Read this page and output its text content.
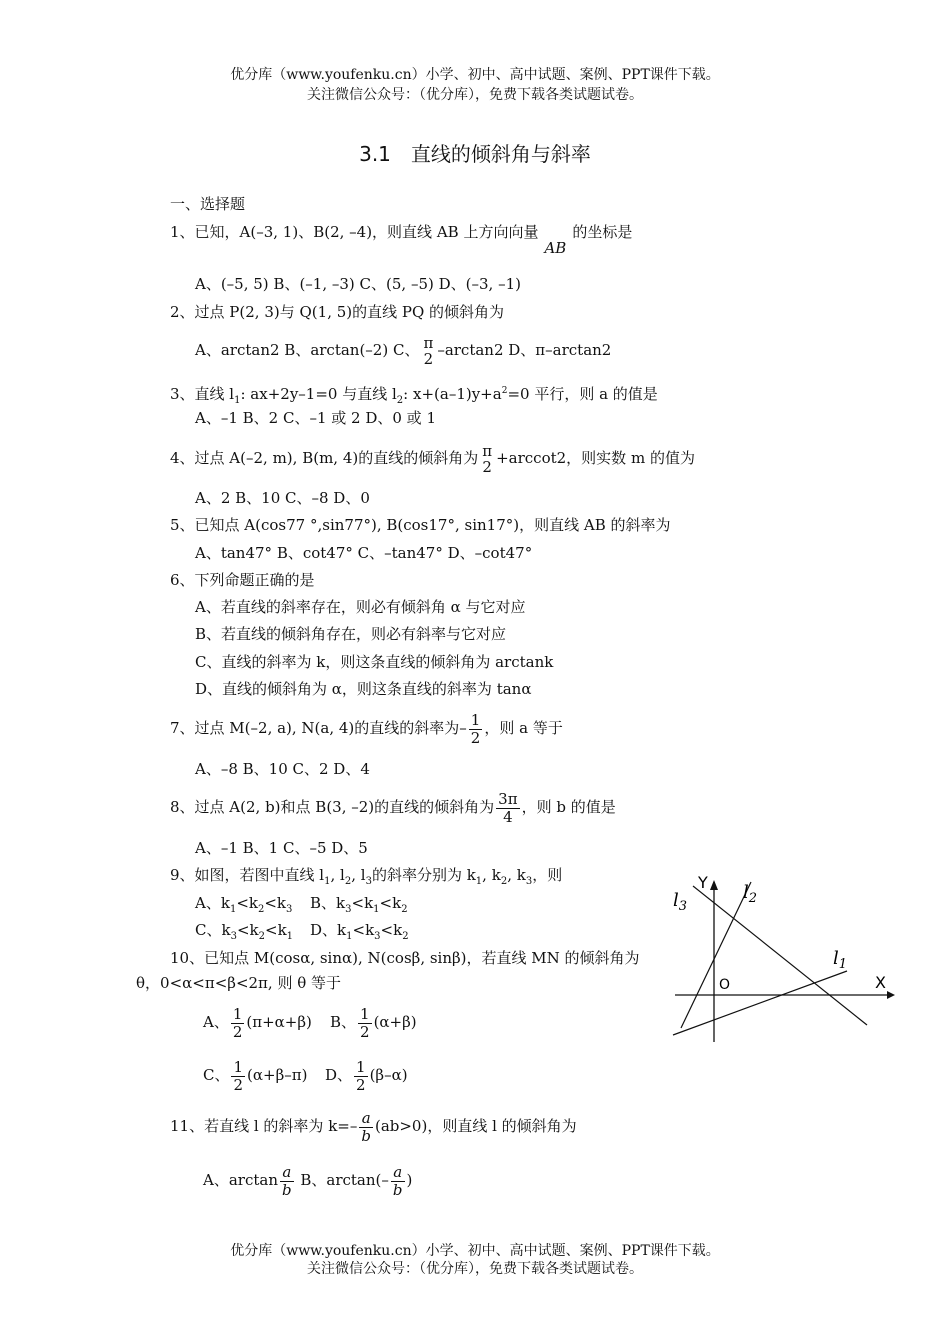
优分库（www.youfenku.cn）小学、初中、高中试题、案例、PPT课件下载。
关注微信公众号：（优分库），免费下载各类试题试卷。
3.1　直线的倾斜角与斜率
一、选择题
1、已知，A(–3, 1)、B(2, –4)，则直线 AB 上方向向量AB的坐标是
A、(–5, 5) B、(–1, –3) C、(5, –5) D、(–3, –1)
2、过点 P(2, 3)与 Q(1, 5)的直线 PQ 的倾斜角为
A、arctan2 B、arctan(–2) C、 π
2 –arctan2 D、π–arctan2
3、直线 $l_1$: ax+2y–1=0 与直线 $l_2$: $x+(a-1)y+a^2=0$ 平行，则 a 的值是
A、–1 B、2 C、–1 或 2 D、0 或 1
4、过点 A(–2, m), B(m, 4)的直线的倾斜角为 π
2 +arccot2，则实数 m 的值为
A、2 B、10 C、–8 D、0
5、已知点 A(cos77 °,sin77°), B(cos17°, sin17°)，则直线 AB 的斜率为
A、tan47° B、cot47° C、–tan47° D、–cot47°
6、下列命题正确的是
A、若直线的斜率存在，则必有倾斜角 α 与它对应
B、若直线的倾斜角存在，则必有斜率与它对应
C、直线的斜率为 k，则这条直线的倾斜角为 arctank
D、直线的倾斜角为 α，则这条直线的斜率为 tanα
7、过点 M(–2, a), N(a, 4)的直线的斜率为– $\frac{1}{2}$ ，则 a 等于
A、–8 B、10 C、2 D、4
8、过点 A(2, b)和点 B(3, –2)的直线的倾斜角为 $\frac{3\pi}{4}$ ，则 b 的值是
A、–1 B、1 C、–5 D、5
9、如图，若图中直线 $l_1$, $l_2$, $l_3$的斜率分别为 $k_1$, $k_2$, $k_3$，则
A、$k_1<k_2<k_3$ B、$k_3<k_1<k_2$
C、$k_3<k_2<k_1$ D、$k_1<k_3<k_2$
10、已知点 M(cosα, sinα), N(cosβ, sinβ)，若直线 MN 的倾斜角为
θ，0<α<π<β<2π, 则 θ 等于
A、 $\frac{1}{2} (\pi+\alpha+\beta)$ B、 $\frac{1}{2} (\alpha+\beta)$
C、 $\frac{1}{2} (\alpha+\beta-\pi)$ D、 $\frac{1}{2} (\beta-\alpha)$
11、若直线 l 的斜率为 $k=- \frac{a}{b} (ab>0)$，则直线 l 的倾斜角为
A、$\arctan \frac{a}{b}$ B、$\arctan(- \frac{a}{b}$ )
优分库（www.youfenku.cn）小学、初中、高中试题、案例、PPT课件下载。
关注微信公众号：（优分库），免费下载各类试题试卷。
Y
X
O
$l_3$
$l_2$
$l_1$
